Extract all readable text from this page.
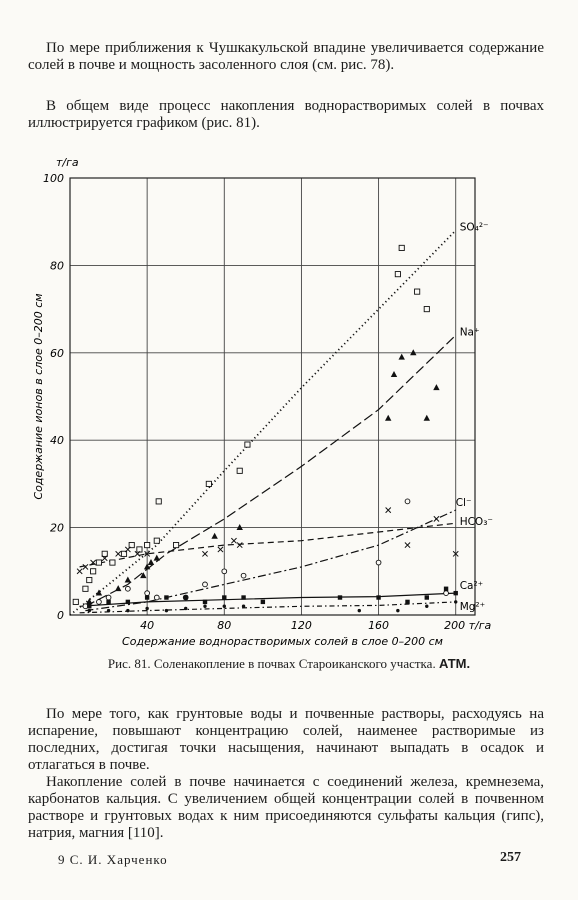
По мере приближения к Чушкакульской впадине увеличивается содержание солей в почве и мощность засоленного слоя (см. рис. 78).

В общем виде процесс накопления воднорастворимых солей в почвах иллюстрируется графиком (рис. 81).

40	80	120	160	200 т/га
0
20
40
60
80
100
т/га
Содержание ионов в слое 0–200 см
Содержание воднорастворимых солей в слое 0–200 см
SO₄²⁻
Na⁺
Cl⁻
HCO₃⁻
Ca²⁺
Mg²⁺
Рис. 81. Соленакопление в почвах Староиканского участка. АТМ.

По мере того, как грунтовые воды и почвенные растворы, расходуясь на испарение, повышают концентрацию солей, наименее растворимые из последних, достигая точки насыщения, начинают выпадать в осадок и отлагаться в почве.

Накопление солей в почве начинается с соединений железа, кремнезема, карбонатов кальция. С увеличением общей концентрации солей в почвенном растворе и грунтовых водах к ним присоединяются сульфаты кальция (гипс), натрия, магния [110].

9 С. И. Харченко	257
